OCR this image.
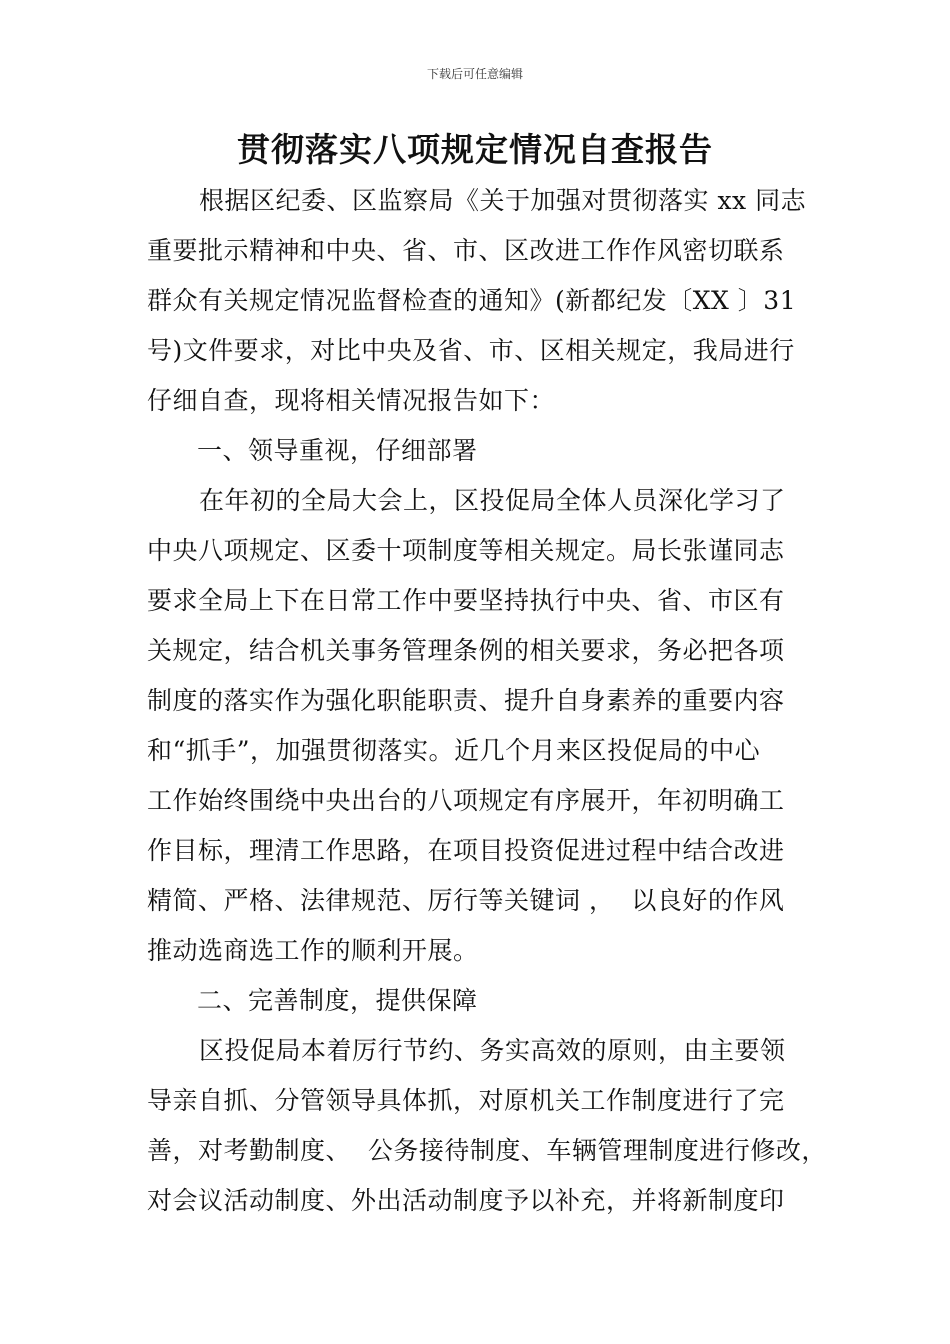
下载后可任意编辑
贯彻落实八项规定情况自查报告
根据区纪委、区监察局《关于加强对贯彻落实 xx 同志
重要批示精神和中央、省、市、区改进工作作风密切联系
群众有关规定情况监督检查的通知》(新都纪发〔XX 〕31
号)文件要求，对比中央及省、市、区相关规定，我局进行
仔细自查，现将相关情况报告如下：
一、领导重视，仔细部署
在年初的全局大会上，区投促局全体人员深化学习了
中央八项规定、区委十项制度等相关规定。局长张谨同志
要求全局上下在日常工作中要坚持执行中央、省、市区有
关规定，结合机关事务管理条例的相关要求，务必把各项
制度的落实作为强化职能职责、提升自身素养的重要内容
和“抓手”，加强贯彻落实。近几个月来区投促局的中心
工作始终围绕中央出台的八项规定有序展开，年初明确工
作目标，理清工作思路，在项目投资促进过程中结合改进
精简、严格、法律规范、厉行等关键词 ，  以良好的作风
推动选商选工作的顺利开展。
二、完善制度，提供保障
区投促局本着厉行节约、务实高效的原则，由主要领
导亲自抓、分管领导具体抓，对原机关工作制度进行了完
善，对考勤制度、  公务接待制度、车辆管理制度进行修改，
对会议活动制度、外出活动制度予以补充，并将新制度印
